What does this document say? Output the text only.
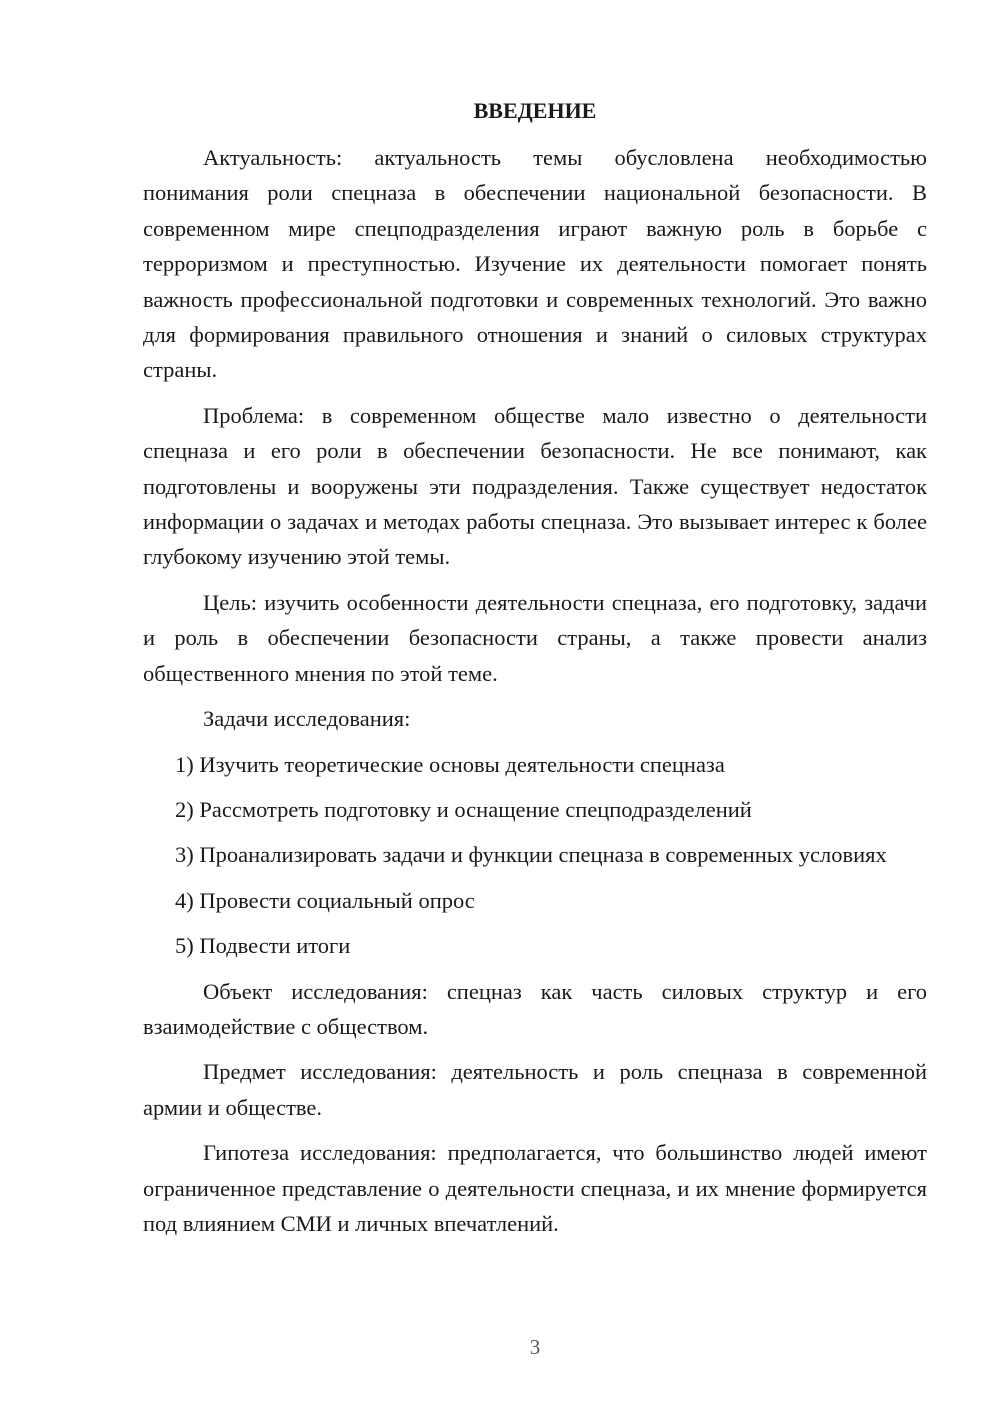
ВВЕДЕНИЕ

Актуальность: актуальность темы обусловлена необходимостью понимания роли спецназа в обеспечении национальной безопасности. В современном мире спецподразделения играют важную роль в борьбе с терроризмом и преступностью. Изучение их деятельности помогает понять важность профессиональной подготовки и современных технологий. Это важно для формирования правильного отношения и знаний о силовых структурах страны.

Проблема: в современном обществе мало известно о деятельности спецназа и его роли в обеспечении безопасности. Не все понимают, как подготовлены и вооружены эти подразделения. Также существует недостаток информации о задачах и методах работы спецназа. Это вызывает интерес к более глубокому изучению этой темы.

Цель: изучить особенности деятельности спецназа, его подготовку, задачи и роль в обеспечении безопасности страны, а также провести анализ общественного мнения по этой теме.

Задачи исследования:

1) Изучить теоретические основы деятельности спецназа

2) Рассмотреть подготовку и оснащение спецподразделений

3) Проанализировать задачи и функции спецназа в современных условиях

4) Провести социальный опрос

5) Подвести итоги

Объект исследования: спецназ как часть силовых структур и его взаимодействие с обществом.

Предмет исследования: деятельность и роль спецназа в современной армии и обществе.

Гипотеза исследования: предполагается, что большинство людей имеют ограниченное представление о деятельности спецназа, и их мнение формируется под влиянием СМИ и личных впечатлений.

3
